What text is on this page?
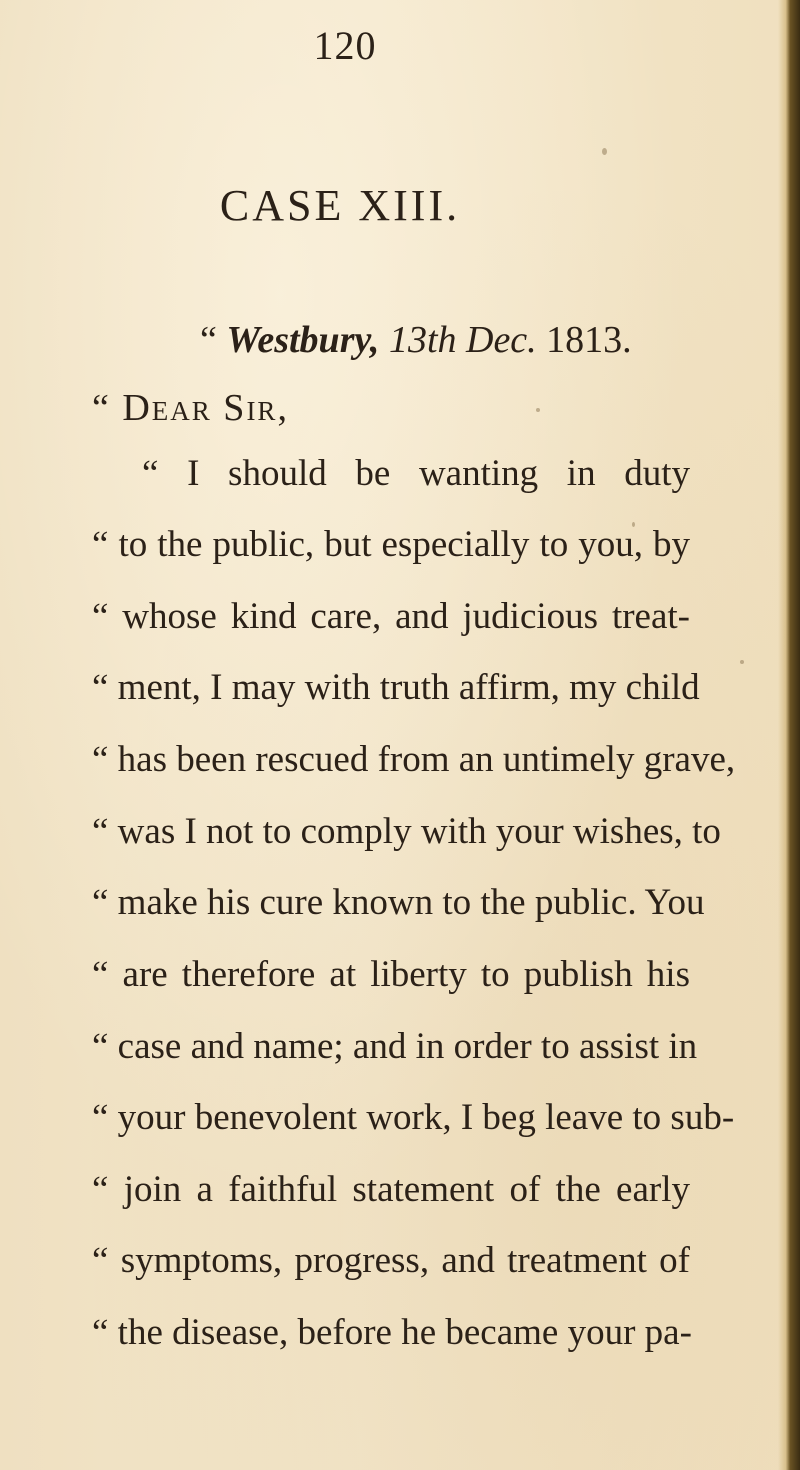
120
CASE XIII.
“ Westbury, 13th Dec. 1813.
“ Dear Sir,
“ I should be wanting in duty
“ to the public, but especially to you, by
“ whose kind care, and judicious treat-
“ ment, I may with truth affirm, my child
“ has been rescued from an untimely grave,
“ was I not to comply with your wishes, to
“ make his cure known to the public. You
“ are therefore at liberty to publish his
“ case and name; and in order to assist in
“ your benevolent work, I beg leave to sub-
“ join a faithful statement of the early
“ symptoms, progress, and treatment of
“ the disease, before he became your pa-
